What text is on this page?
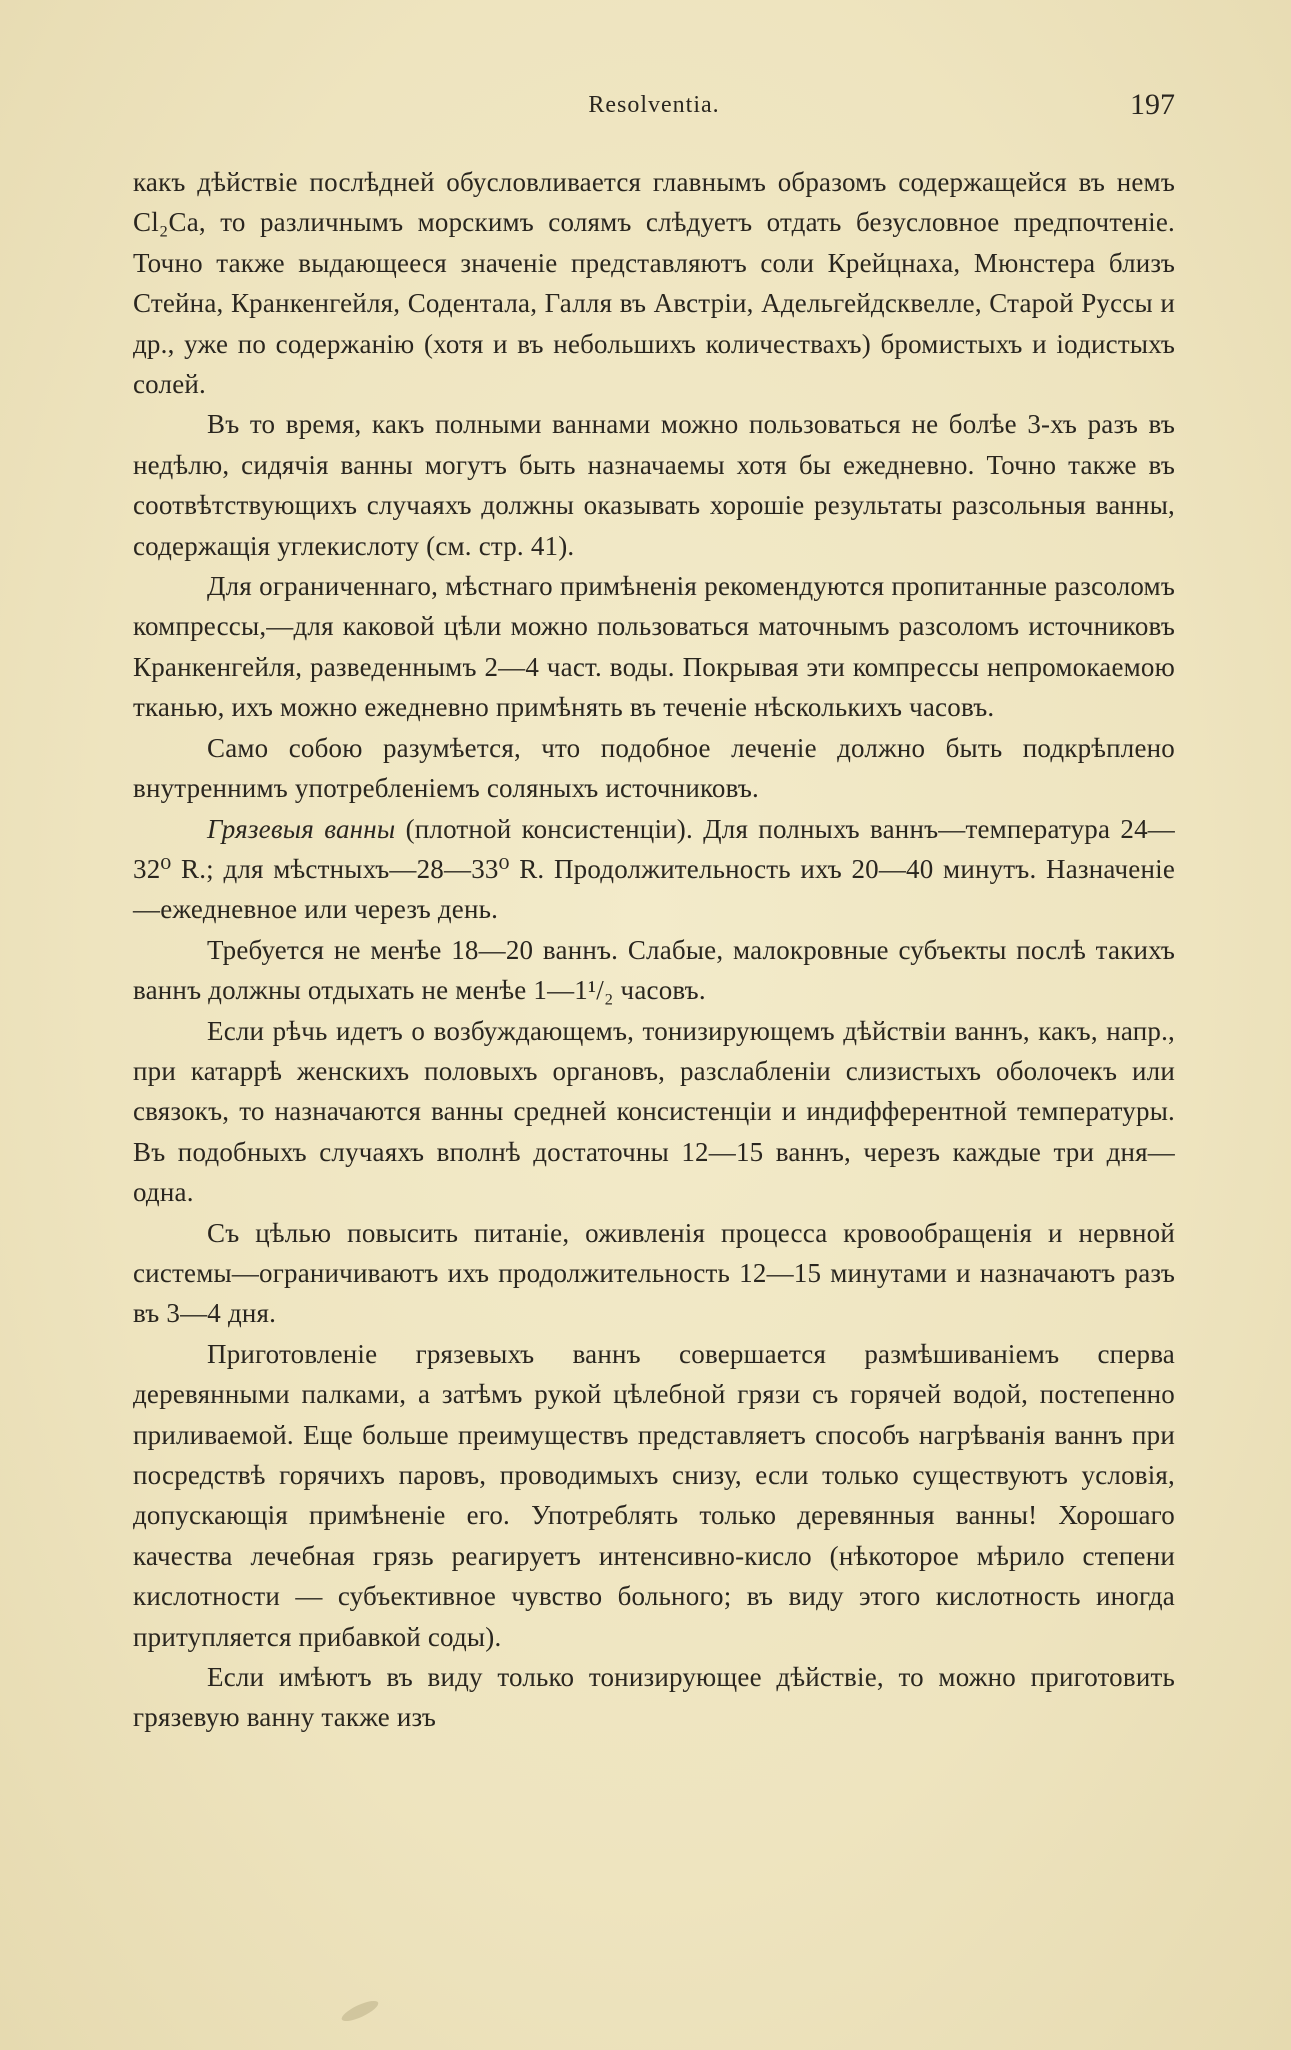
Resolventia.	197

какъ дѣйствіе послѣдней обусловливается главнымъ образомъ содержащейся въ немъ Cl₂Ca, то различнымъ морскимъ солямъ слѣдуетъ отдать безусловное предпочтеніе. Точно также выдающееся значеніе представляютъ соли Крейцнаха, Мюнстера близъ Стейна, Кранкенгейля, Содентала, Галля въ Австріи, Адельгейдсквелле, Старой Руссы и др., уже по содержанію (хотя и въ небольшихъ количествахъ) бромистыхъ и іодистыхъ солей.

Въ то время, какъ полными ваннами можно пользоваться не болѣе 3-хъ разъ въ недѣлю, сидячія ванны могутъ быть назначаемы хотя бы ежедневно. Точно также въ соотвѣтствующихъ случаяхъ должны оказывать хорошіе результаты разсольныя ванны, содержащія углекислоту (см. стр. 41).

Для ограниченнаго, мѣстнаго примѣненія рекомендуются пропитанные разсоломъ компрессы,—для каковой цѣли можно пользоваться маточнымъ разсоломъ источниковъ Кранкенгейля, разведеннымъ 2—4 част. воды. Покрывая эти компрессы непромокаемою тканью, ихъ можно ежедневно примѣнять въ теченіе нѣсколькихъ часовъ.

Само собою разумѣется, что подобное леченіе должно быть подкрѣплено внутреннимъ употребленіемъ соляныхъ источниковъ.

Грязевыя ванны (плотной консистенціи). Для полныхъ ваннъ—температура 24—32⁰ R.; для мѣстныхъ—28—33⁰ R. Продолжительность ихъ 20—40 минутъ. Назначеніе—ежедневное или черезъ день.

Требуется не менѣе 18—20 ваннъ. Слабые, малокровные субъекты послѣ такихъ ваннъ должны отдыхать не менѣе 1—1¹/₂ часовъ.

Если рѣчь идетъ о возбуждающемъ, тонизирующемъ дѣйствіи ваннъ, какъ, напр., при катаррѣ женскихъ половыхъ органовъ, разслабленіи слизистыхъ оболочекъ или связокъ, то назначаются ванны средней консистенціи и индифферентной температуры. Въ подобныхъ случаяхъ вполнѣ достаточны 12—15 ваннъ, черезъ каждые три дня—одна.

Съ цѣлью повысить питаніе, оживленія процесса кровообращенія и нервной системы—ограничиваютъ ихъ продолжительность 12—15 минутами и назначаютъ разъ въ 3—4 дня.

Приготовленіе грязевыхъ ваннъ совершается размѣшиваніемъ сперва деревянными палками, а затѣмъ рукой цѣлебной грязи съ горячей водой, постепенно приливаемой. Еще больше преимуществъ представляетъ способъ нагрѣванія ваннъ при посредствѣ горячихъ паровъ, проводимыхъ снизу, если только существуютъ условія, допускающія примѣненіе его. Употреблять только деревянныя ванны! Хорошаго качества лечебная грязь реагируетъ интенсивно-кисло (нѣкоторое мѣрило степени кислотности — субъективное чувство больного; въ виду этого кислотность иногда притупляется прибавкой соды).

Если имѣютъ въ виду только тонизирующее дѣйствіе, то можно приготовить грязевую ванну также изъ
